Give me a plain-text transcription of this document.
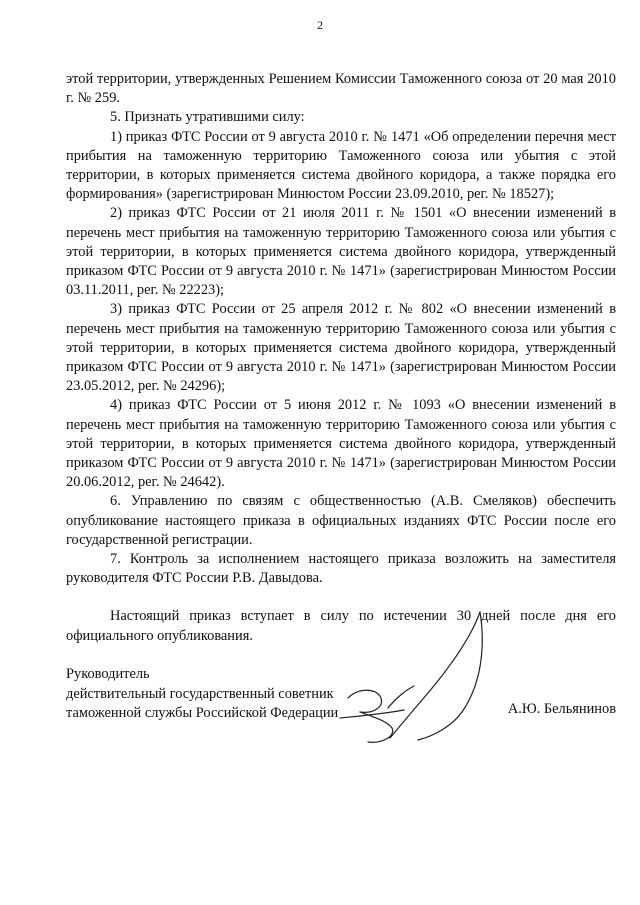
2

этой территории, утвержденных Решением Комиссии Таможенного союза от 20 мая 2010 г. № 259.

5. Признать утратившими силу:

1) приказ ФТС России от 9 августа 2010 г. № 1471 «Об определении перечня мест прибытия на таможенную территорию Таможенного союза или убытия с этой территории, в которых применяется система двойного коридора, а также порядка его формирования» (зарегистрирован Минюстом России 23.09.2010, рег. № 18527);

2) приказ ФТС России от 21 июля 2011 г. № 1501 «О внесении изменений в перечень мест прибытия на таможенную территорию Таможенного союза или убытия с этой территории, в которых применяется система двойного коридора, утвержденный приказом ФТС России от 9 августа 2010 г. № 1471» (зарегистрирован Минюстом России 03.11.2011, рег. № 22223);

3) приказ ФТС России от 25 апреля 2012 г. № 802 «О внесении изменений в перечень мест прибытия на таможенную территорию Таможенного союза или убытия с этой территории, в которых применяется система двойного коридора, утвержденный приказом ФТС России от 9 августа 2010 г. № 1471» (зарегистрирован Минюстом России 23.05.2012, рег. № 24296);

4) приказ ФТС России от 5 июня 2012 г. № 1093 «О внесении изменений в перечень мест прибытия на таможенную территорию Таможенного союза или убытия с этой территории, в которых применяется система двойного коридора, утвержденный приказом ФТС России от 9 августа 2010 г. № 1471» (зарегистрирован Минюстом России 20.06.2012, рег. № 24642).

6. Управлению по связям с общественностью (А.В. Смеляков) обеспечить опубликование настоящего приказа в официальных изданиях ФТС России после его государственной регистрации.

7. Контроль за исполнением настоящего приказа возложить на заместителя руководителя ФТС России Р.В. Давыдова.

Настоящий приказ вступает в силу по истечении 30 дней после дня его официального опубликования.

Руководитель
действительный государственный советник
таможенной службы Российской Федерации	А.Ю. Бельянинов
